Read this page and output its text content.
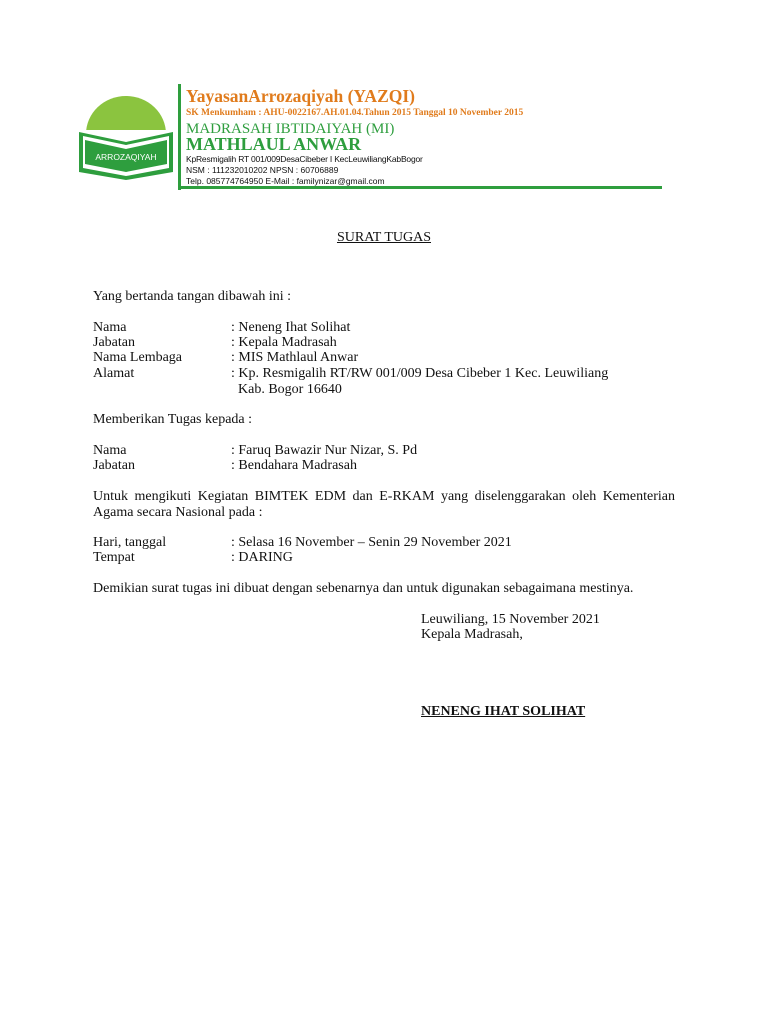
ARROZAQIYAH
YayasanArrozaqiyah (YAZQI)
SK Menkumham : AHU-0022167.AH.01.04.Tahun 2015 Tanggal 10 November 2015
MADRASAH IBTIDAIYAH (MI)
MATHLAUL ANWAR
KpResmigalih RT 001/009DesaCibeber I KecLeuwiliangKabBogor
NSM : 111232010202 NPSN : 60706889
Telp. 085774764950 E-Mail : familynizar@gmail.com
SURAT TUGAS
Yang bertanda tangan dibawah ini :
Nama	: Neneng Ihat Solihat
Jabatan	: Kepala Madrasah
Nama Lembaga	: MIS Mathlaul Anwar
Alamat	: Kp. Resmigalih RT/RW 001/009 Desa Cibeber 1 Kec. Leuwiliang
Kab. Bogor 16640
Memberikan Tugas kepada :
Nama	: Faruq Bawazir Nur Nizar, S. Pd
Jabatan	: Bendahara Madrasah
Untuk mengikuti Kegiatan BIMTEK EDM dan E-RKAM yang diselenggarakan oleh Kementerian Agama secara Nasional pada :
Hari, tanggal	: Selasa 16 November – Senin 29 November 2021
Tempat	: DARING
Demikian surat tugas ini dibuat dengan sebenarnya dan untuk digunakan sebagaimana mestinya.
Leuwiliang, 15 November 2021
Kepala Madrasah,
NENENG IHAT SOLIHAT
